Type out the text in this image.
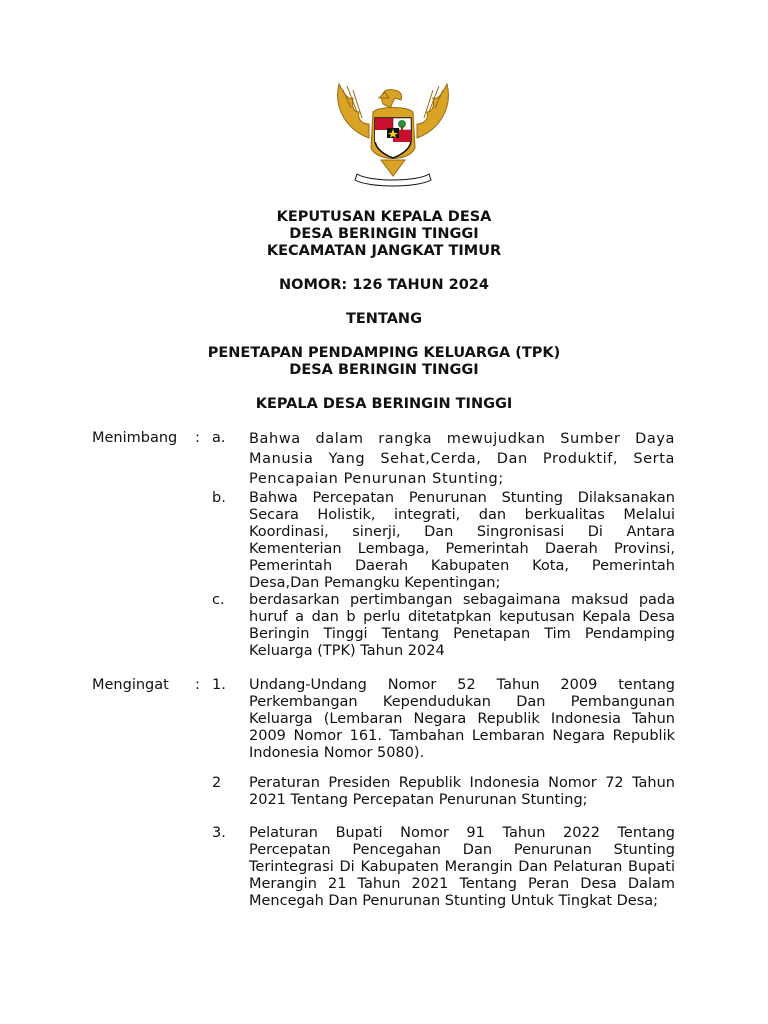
KEPUTUSAN KEPALA DESA
DESA BERINGIN TINGGI
KECAMATAN JANGKAT TIMUR
NOMOR: 126 TAHUN 2024
TENTANG
PENETAPAN PENDAMPING KELUARGA (TPK)
DESA BERINGIN TINGGI
KEPALA DESA BERINGIN TINGGI
Menimbang : a. Bahwa dalam rangka mewujudkan Sumber Daya Manusia Yang Sehat,Cerda, Dan Produktif, Serta Pencapaian Penurunan Stunting;
b. Bahwa Percepatan Penurunan Stunting Dilaksanakan Secara Holistik, integrati, dan berkualitas Melalui Koordinasi, sinerji, Dan Singronisasi Di Antara Kementerian Lembaga, Pemerintah Daerah Provinsi, Pemerintah Daerah Kabupaten Kota, Pemerintah Desa,Dan Pemangku Kepentingan;
c. berdasarkan pertimbangan sebagaimana maksud pada huruf a dan b perlu ditetatpkan keputusan Kepala Desa Beringin Tinggi Tentang Penetapan Tim Pendamping Keluarga (TPK) Tahun 2024
Mengingat : 1. Undang-Undang Nomor 52 Tahun 2009 tentang Perkembangan Kependudukan Dan Pembangunan Keluarga (Lembaran Negara Republik Indonesia Tahun 2009 Nomor 161. Tambahan Lembaran Negara Republik Indonesia Nomor 5080).
2 Peraturan Presiden Republik Indonesia Nomor 72 Tahun 2021 Tentang Percepatan Penurunan Stunting;
3. Pelaturan Bupati Nomor 91 Tahun 2022 Tentang Percepatan Pencegahan Dan Penurunan Stunting Terintegrasi Di Kabupaten Merangin Dan Pelaturan Bupati Merangin 21 Tahun 2021 Tentang Peran Desa Dalam Mencegah Dan Penurunan Stunting Untuk Tingkat Desa;
